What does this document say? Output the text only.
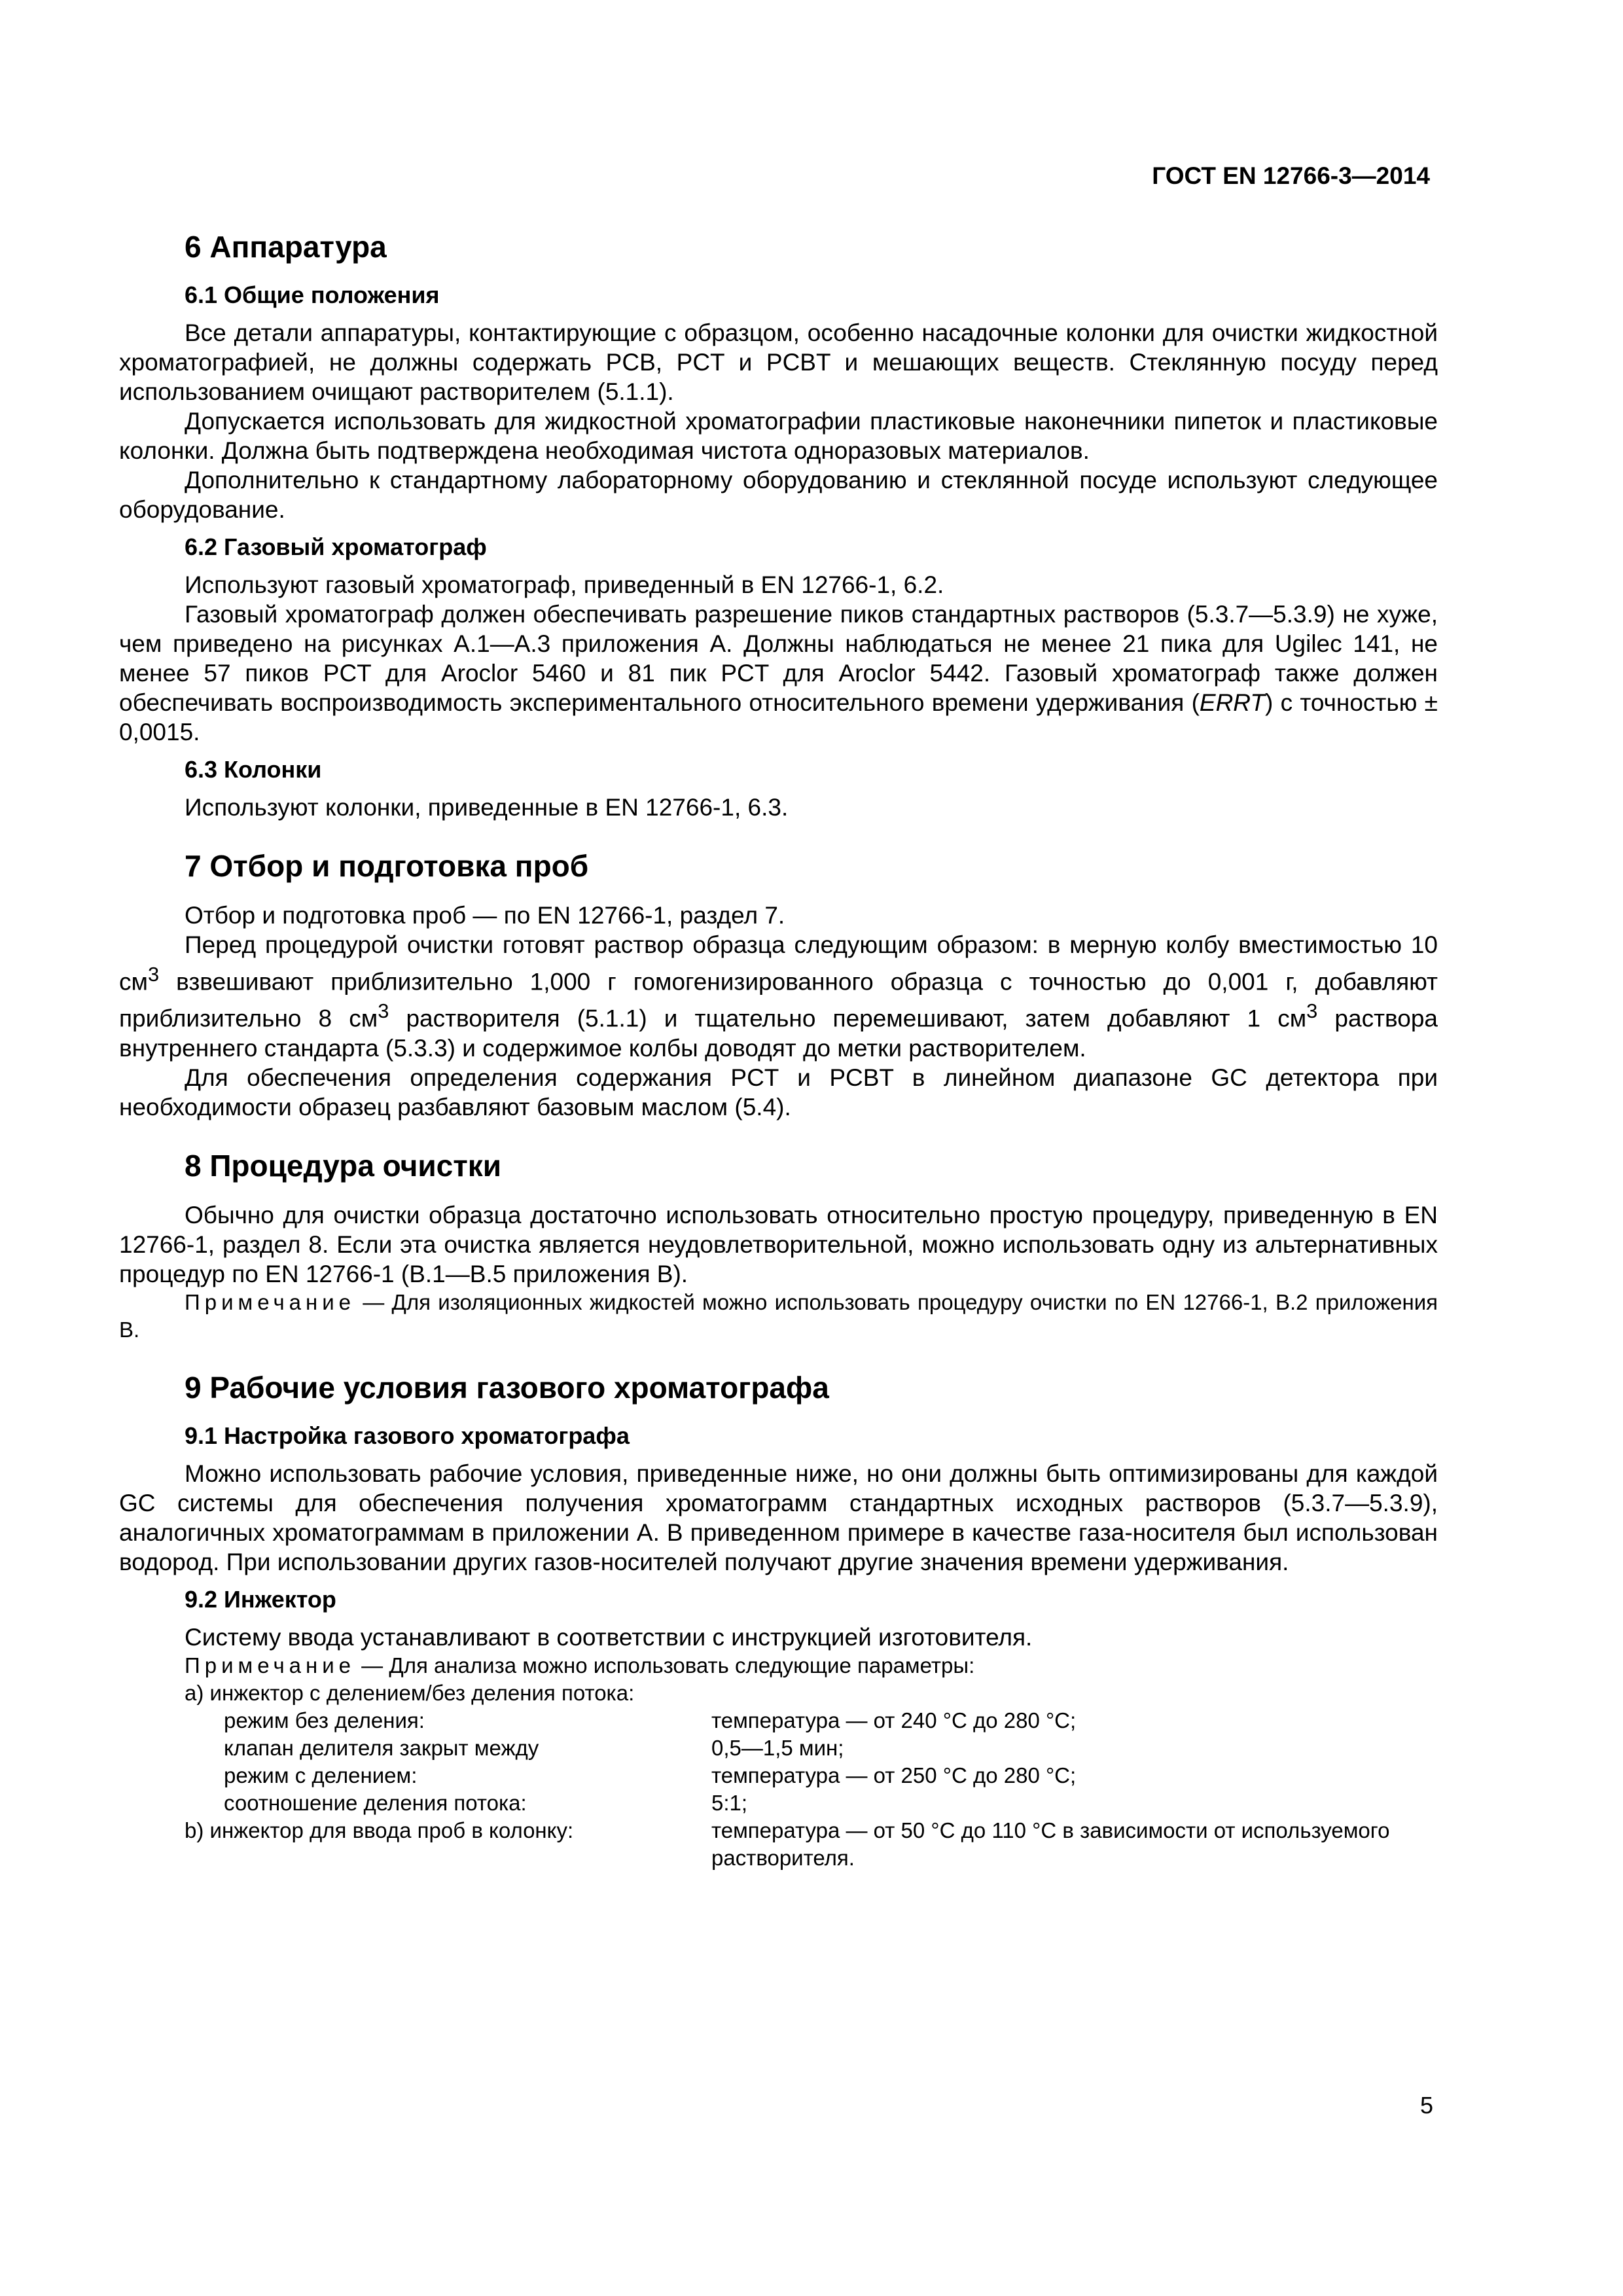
ГОСТ EN 12766-3—2014
6 Аппаратура
6.1 Общие положения

Все детали аппаратуры, контактирующие с образцом, особенно насадочные колонки для очистки жидкостной хроматографией, не должны содержать PCB, PCT и PCBT и мешающих веществ. Стеклянную посуду перед использованием очищают растворителем (5.1.1).

Допускается использовать для жидкостной хроматографии пластиковые наконечники пипеток и пластиковые колонки. Должна быть подтверждена необходимая чистота одноразовых материалов.

Дополнительно к стандартному лабораторному оборудованию и стеклянной посуде используют следующее оборудование.

6.2 Газовый хроматограф

Используют газовый хроматограф, приведенный в EN 12766-1, 6.2.

Газовый хроматограф должен обеспечивать разрешение пиков стандартных растворов (5.3.7—5.3.9) не хуже, чем приведено на рисунках А.1—А.3 приложения А. Должны наблюдаться не менее 21 пика для Ugilec 141, не менее 57 пиков PCT для Aroclor 5460 и 81 пик PCT для Aroclor 5442. Газовый хроматограф также должен обеспечивать воспроизводимость экспериментального относительного времени удерживания (ERRT) с точностью ± 0,0015.

6.3 Колонки

Используют колонки, приведенные в EN 12766-1, 6.3.

7 Отбор и подготовка проб

Отбор и подготовка проб — по EN 12766-1, раздел 7.

Перед процедурой очистки готовят раствор образца следующим образом: в мерную колбу вместимостью 10 $см^3$ взвешивают приблизительно 1,000 г гомогенизированного образца с точностью до 0,001 г, добавляют приблизительно 8 $см^3$ растворителя (5.1.1) и тщательно перемешивают, затем добавляют 1 $см^3$ раствора внутреннего стандарта (5.3.3) и содержимое колбы доводят до метки растворителем.

Для обеспечения определения содержания PCT и PCBT в линейном диапазоне GC детектора при необходимости образец разбавляют базовым маслом (5.4).

8 Процедура очистки

Обычно для очистки образца достаточно использовать относительно простую процедуру, приведенную в EN 12766-1, раздел 8. Если эта очистка является неудовлетворительной, можно использовать одну из альтернативных процедур по EN 12766-1 (В.1—В.5 приложения В).

Примечание — Для изоляционных жидкостей можно использовать процедуру очистки по EN 12766-1, В.2 приложения В.

9 Рабочие условия газового хроматографа
9.1 Настройка газового хроматографа

Можно использовать рабочие условия, приведенные ниже, но они должны быть оптимизированы для каждой GC системы для обеспечения получения хроматограмм стандартных исходных растворов (5.3.7—5.3.9), аналогичных хроматограммам в приложении А. В приведенном примере в качестве газа-носителя был использован водород. При использовании других газов-носителей получают другие значения времени удерживания.

9.2 Инжектор

Систему ввода устанавливают в соответствии с инструкцией изготовителя.

Примечание — Для анализа можно использовать следующие параметры:

a) инжектор с делением/без деления потока:
режим без деления:	температура — от 240 °С до 280 °С;
клапан делителя закрыт между	0,5—1,5 мин;
режим с делением:	температура — от 250 °С до 280 °С;
соотношение деления потока:	5:1;
b) инжектор для ввода проб в колонку:	температура — от 50 °С до 110 °С в зависимости от используемого растворителя.
5
